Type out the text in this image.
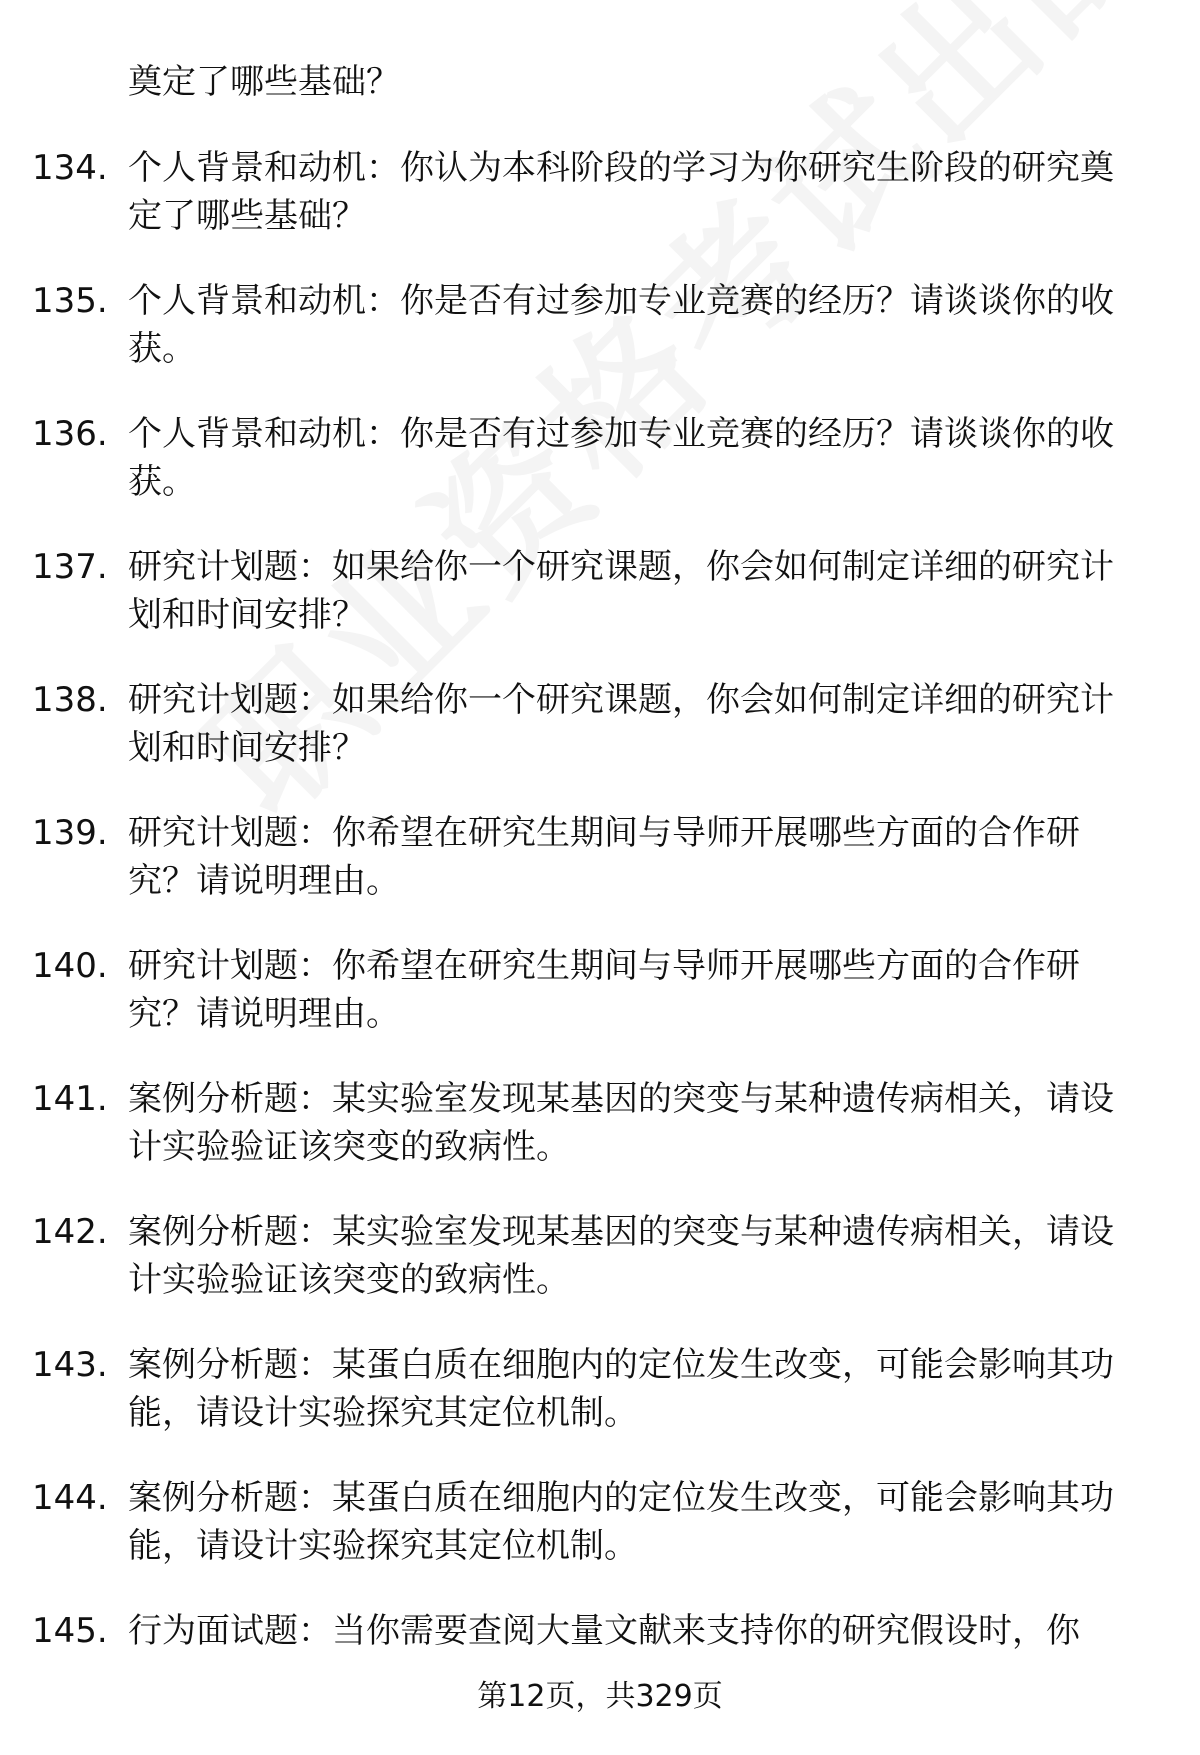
奠定了哪些基础？
134. 个人背景和动机：你认为本科阶段的学习为你研究生阶段的研究奠定了哪些基础？
135. 个人背景和动机：你是否有过参加专业竞赛的经历？请谈谈你的收获。
136. 个人背景和动机：你是否有过参加专业竞赛的经历？请谈谈你的收获。
137. 研究计划题：如果给你一个研究课题，你会如何制定详细的研究计划和时间安排？
138. 研究计划题：如果给你一个研究课题，你会如何制定详细的研究计划和时间安排？
139. 研究计划题：你希望在研究生期间与导师开展哪些方面的合作研究？请说明理由。
140. 研究计划题：你希望在研究生期间与导师开展哪些方面的合作研究？请说明理由。
141. 案例分析题：某实验室发现某基因的突变与某种遗传病相关，请设计实验验证该突变的致病性。
142. 案例分析题：某实验室发现某基因的突变与某种遗传病相关，请设计实验验证该突变的致病性。
143. 案例分析题：某蛋白质在细胞内的定位发生改变，可能会影响其功能，请设计实验探究其定位机制。
144. 案例分析题：某蛋白质在细胞内的定位发生改变，可能会影响其功能，请设计实验探究其定位机制。
145. 行为面试题：当你需要查阅大量文献来支持你的研究假设时，你
第12页，共329页
